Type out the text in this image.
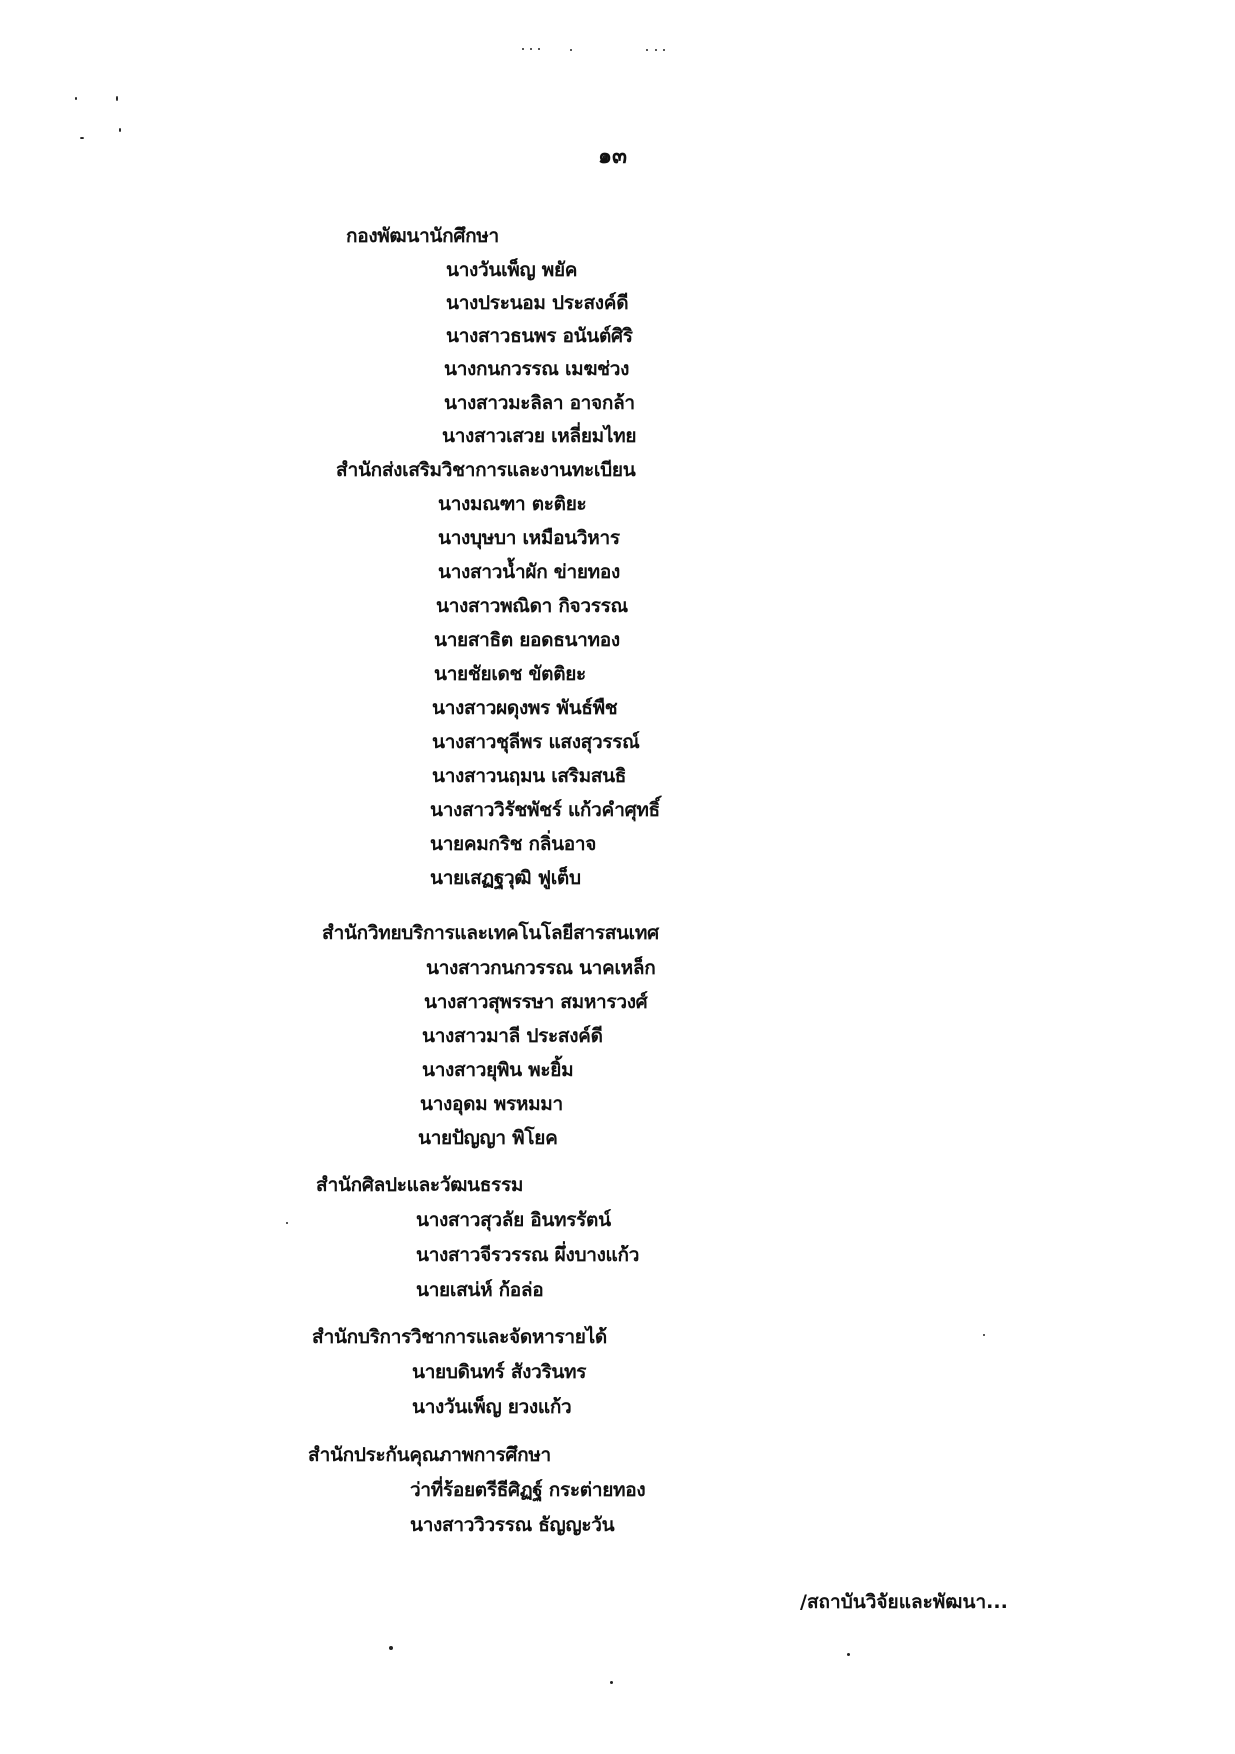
๑๓
กองพัฒนานักศึกษา
นางวันเพ็ญ พยัค
นางประนอม ประสงค์ดี
นางสาวธนพร อนันต์ศิริ
นางกนกวรรณ เมฆช่วง
นางสาวมะลิลา อาจกล้า
นางสาวเสวย เหลี่ยมไทย
สำนักส่งเสริมวิชาการและงานทะเบียน
นางมณฑา ตะติยะ
นางบุษบา เหมือนวิหาร
นางสาวน้ำผัก ข่ายทอง
นางสาวพณิดา กิจวรรณ
นายสาธิต ยอดธนาทอง
นายชัยเดช ขัตติยะ
นางสาวผดุงพร พันธ์พืช
นางสาวชุลีพร แสงสุวรรณ์
นางสาวนฤมน เสริมสนธิ
นางสาววิรัชพัชร์ แก้วคำศุทธิ์
นายคมกริช กลิ่นอาจ
นายเสฏฐวุฒิ ฟูเต็บ
สำนักวิทยบริการและเทคโนโลยีสารสนเทศ
นางสาวกนกวรรณ นาคเหล็ก
นางสาวสุพรรษา สมหารวงศ์
นางสาวมาลี ประสงค์ดี
นางสาวยุพิน พะยิ้ม
นางอุดม พรหมมา
นายปัญญา พิโยค
สำนักศิลปะและวัฒนธรรม
นางสาวสุวลัย อินทรรัตน์
นางสาวจีรวรรณ ผึ่งบางแก้ว
นายเสน่ห์ ก้อล่อ
สำนักบริการวิชาการและจัดหารายได้
นายบดินทร์ สังวรินทร
นางวันเพ็ญ ยวงแก้ว
สำนักประกันคุณภาพการศึกษา
ว่าที่ร้อยตรีธีศิฏฐ์ กระต่ายทอง
นางสาววิวรรณ ธัญญะวัน
/สถาบันวิจัยและพัฒนา...
